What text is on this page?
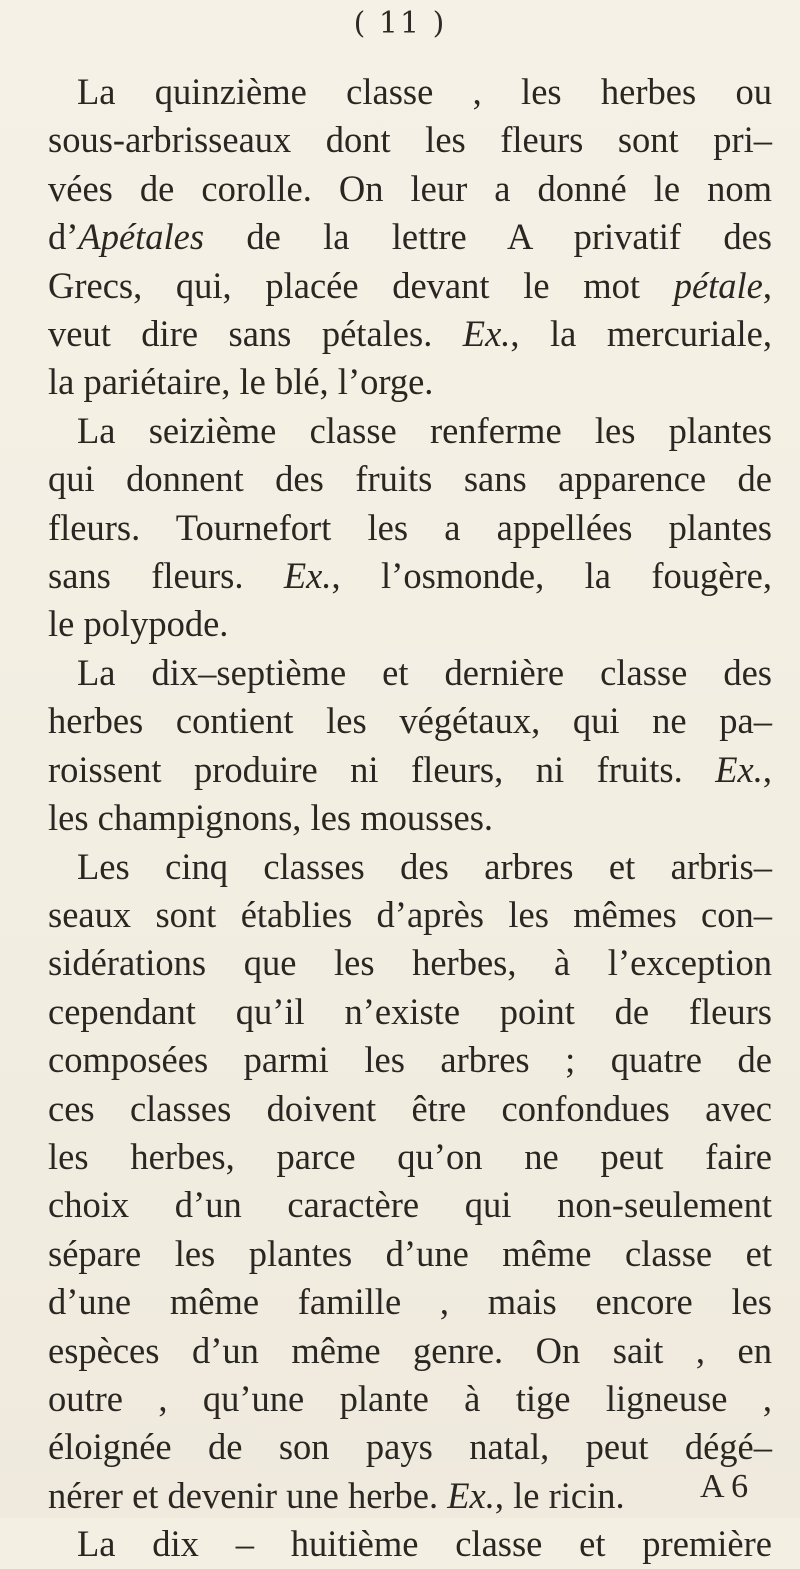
( 11 )
La quinzième classe , les herbes ou
sous-arbrisseaux dont les fleurs sont pri–
vées de corolle. On leur a donné le nom
d’Apétales de la lettre A privatif des
Grecs, qui, placée devant le mot pétale,
veut dire sans pétales. Ex., la mercuriale,
la pariétaire, le blé, l’orge.
La seizième classe renferme les plantes
qui donnent des fruits sans apparence de
fleurs. Tournefort les a appellées plantes
sans fleurs. Ex., l’osmonde, la fougère,
le polypode.
La dix–septième et dernière classe des
herbes contient les végétaux, qui ne pa–
roissent produire ni fleurs, ni fruits. Ex.,
les champignons, les mousses.
Les cinq classes des arbres et arbris–
seaux sont établies d’après les mêmes con–
sidérations que les herbes, à l’exception
cependant qu’il n’existe point de fleurs
composées parmi les arbres ; quatre de
ces classes doivent être confondues avec
les herbes, parce qu’on ne peut faire
choix d’un caractère qui non-seulement
sépare les plantes d’une même classe et
d’une même famille , mais encore les
espèces d’un même genre. On sait , en
outre , qu’une plante à tige ligneuse ,
éloignée de son pays natal, peut dégé–
nérer et devenir une herbe. Ex., le ricin.
La dix – huitième classe et première
A 6
